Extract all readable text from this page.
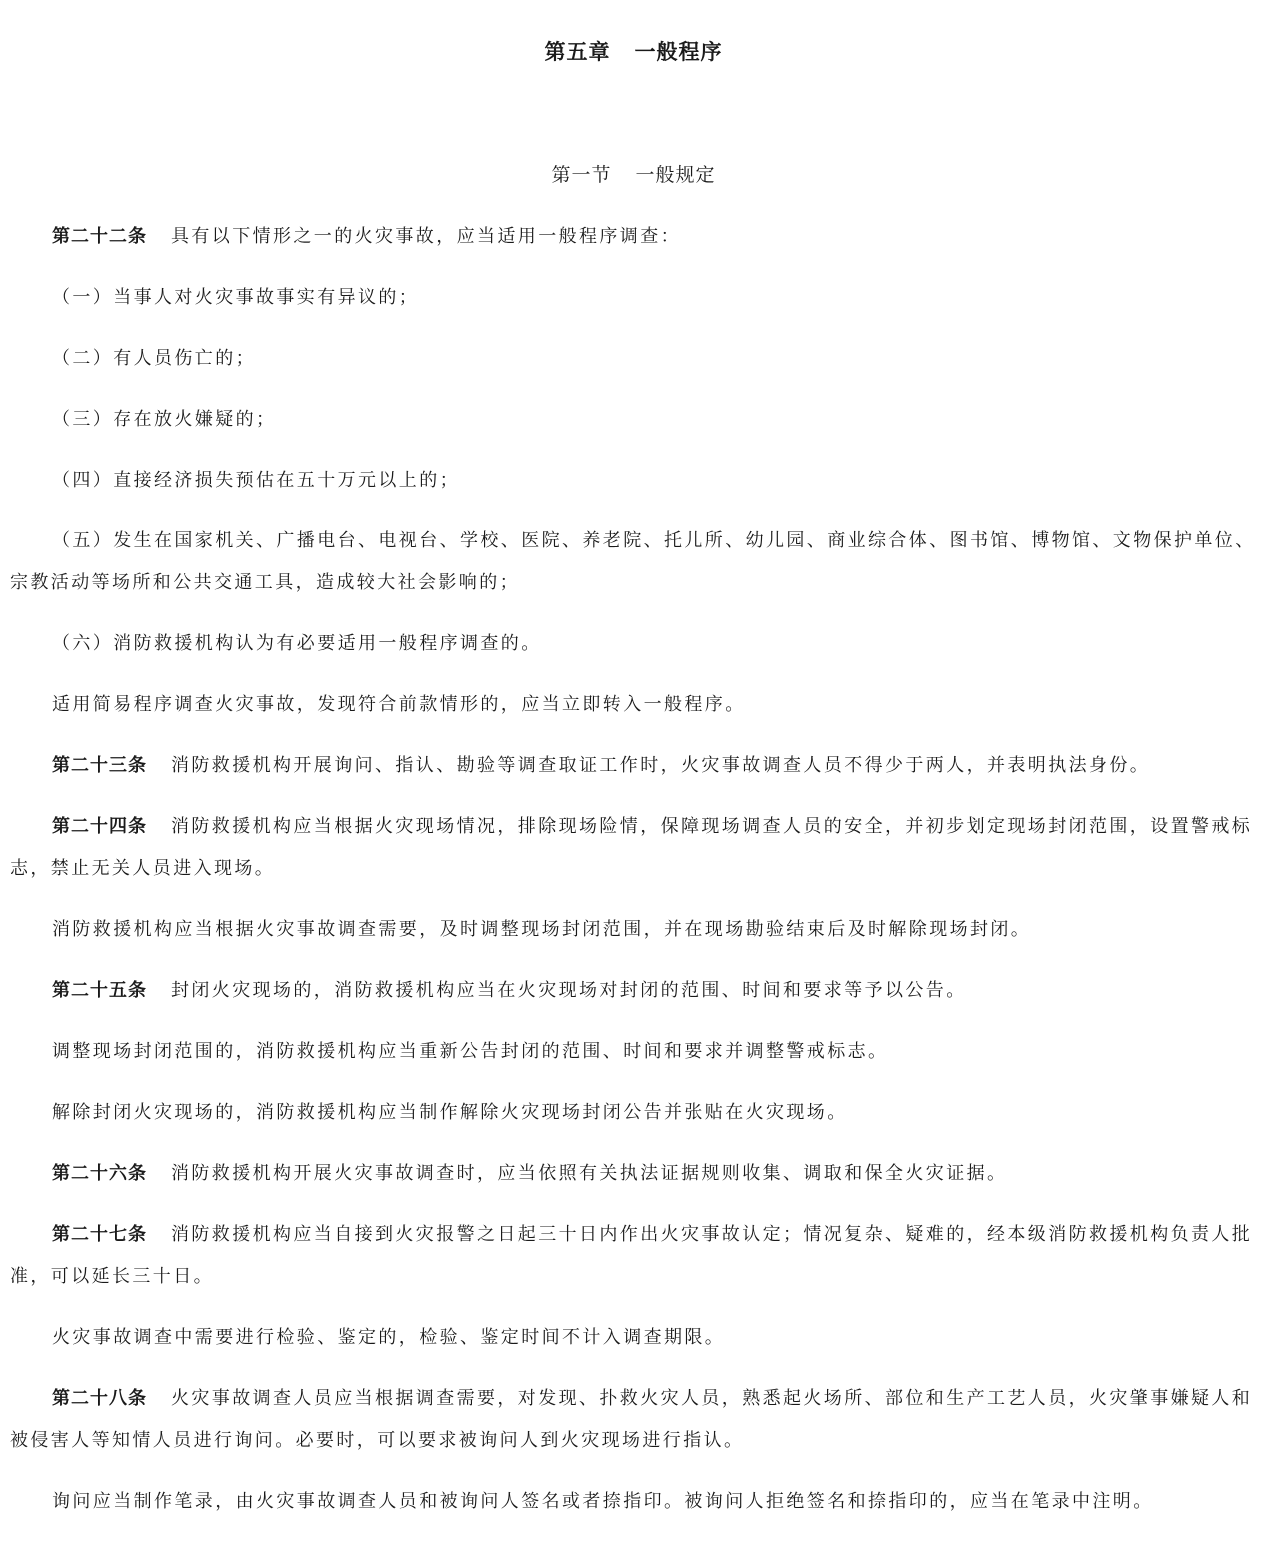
第五章 一般程序
第一节 一般规定

第二十二条 具有以下情形之一的火灾事故，应当适用一般程序调查：

（一）当事人对火灾事故事实有异议的；

（二）有人员伤亡的；

（三）存在放火嫌疑的；

（四）直接经济损失预估在五十万元以上的；

（五）发生在国家机关、广播电台、电视台、学校、医院、养老院、托儿所、幼儿园、商业综合体、图书馆、博物馆、文物保护单位、宗教活动等场所和公共交通工具，造成较大社会影响的；

（六）消防救援机构认为有必要适用一般程序调查的。

适用简易程序调查火灾事故，发现符合前款情形的，应当立即转入一般程序。

第二十三条 消防救援机构开展询问、指认、勘验等调查取证工作时，火灾事故调查人员不得少于两人，并表明执法身份。

第二十四条 消防救援机构应当根据火灾现场情况，排除现场险情，保障现场调查人员的安全，并初步划定现场封闭范围，设置警戒标志，禁止无关人员进入现场。

消防救援机构应当根据火灾事故调查需要，及时调整现场封闭范围，并在现场勘验结束后及时解除现场封闭。

第二十五条 封闭火灾现场的，消防救援机构应当在火灾现场对封闭的范围、时间和要求等予以公告。

调整现场封闭范围的，消防救援机构应当重新公告封闭的范围、时间和要求并调整警戒标志。

解除封闭火灾现场的，消防救援机构应当制作解除火灾现场封闭公告并张贴在火灾现场。

第二十六条 消防救援机构开展火灾事故调查时，应当依照有关执法证据规则收集、调取和保全火灾证据。

第二十七条 消防救援机构应当自接到火灾报警之日起三十日内作出火灾事故认定；情况复杂、疑难的，经本级消防救援机构负责人批准，可以延长三十日。

火灾事故调查中需要进行检验、鉴定的，检验、鉴定时间不计入调查期限。

第二十八条 火灾事故调查人员应当根据调查需要，对发现、扑救火灾人员，熟悉起火场所、部位和生产工艺人员，火灾肇事嫌疑人和被侵害人等知情人员进行询问。必要时，可以要求被询问人到火灾现场进行指认。

询问应当制作笔录，由火灾事故调查人员和被询问人签名或者捺指印。被询问人拒绝签名和捺指印的，应当在笔录中注明。
